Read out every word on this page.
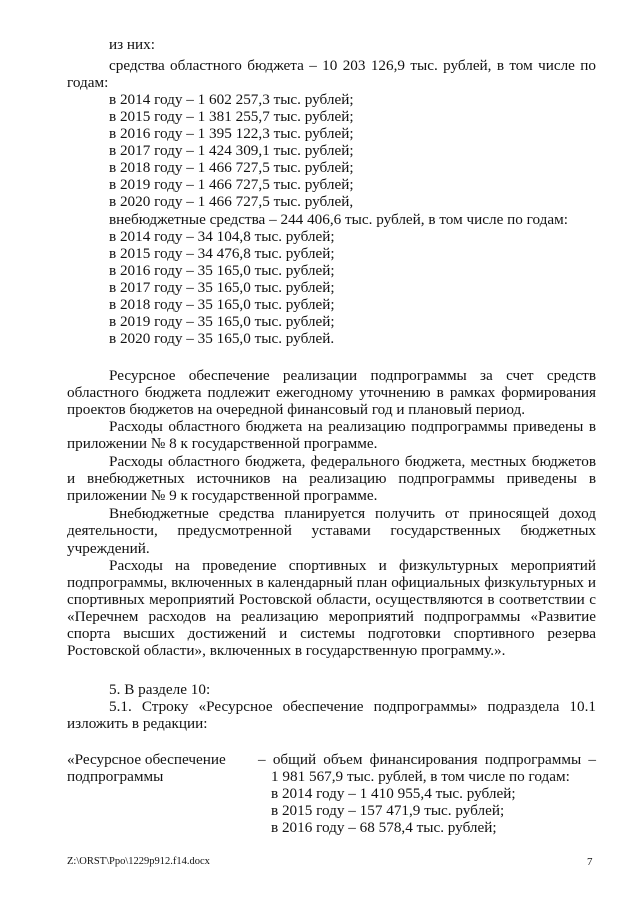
из них:
средства областного бюджета – 10 203 126,9 тыс. рублей, в том числе по
годам:
в 2014 году – 1 602 257,3 тыс. рублей;
в 2015 году – 1 381 255,7 тыс. рублей;
в 2016 году – 1 395 122,3 тыс. рублей;
в 2017 году – 1 424 309,1 тыс. рублей;
в 2018 году – 1 466 727,5 тыс. рублей;
в 2019 году – 1 466 727,5 тыс. рублей;
в 2020 году – 1 466 727,5 тыс. рублей,
внебюджетные средства – 244 406,6 тыс. рублей, в том числе по годам:
в 2014 году – 34 104,8 тыс. рублей;
в 2015 году – 34 476,8 тыс. рублей;
в 2016 году – 35 165,0 тыс. рублей;
в 2017 году – 35 165,0 тыс. рублей;
в 2018 году – 35 165,0 тыс. рублей;
в 2019 году – 35 165,0 тыс. рублей;
в 2020 году – 35 165,0 тыс. рублей.
Ресурсное обеспечение реализации подпрограммы за счет средств
областного бюджета подлежит ежегодному уточнению в рамках формирования
проектов бюджетов на очередной финансовый год и плановый период.
Расходы областного бюджета на реализацию подпрограммы приведены в
приложении № 8 к государственной программе.
Расходы областного бюджета, федерального бюджета, местных бюджетов
и внебюджетных источников на реализацию подпрограммы приведены в
приложении № 9 к государственной программе.
Внебюджетные средства планируется получить от приносящей доход
деятельности, предусмотренной уставами государственных бюджетных
учреждений.
Расходы на проведение спортивных и физкультурных мероприятий
подпрограммы, включенных в календарный план официальных физкультурных и
спортивных мероприятий Ростовской области, осуществляются в соответствии с
«Перечнем расходов на реализацию мероприятий подпрограммы «Развитие
спорта высших достижений и системы подготовки спортивного резерва
Ростовской области», включенных в государственную программу.».
5. В разделе 10:
5.1. Строку «Ресурсное обеспечение подпрограммы» подраздела 10.1
изложить в редакции:
«Ресурсное обеспечение
подпрограммы
– общий объем финансирования подпрограммы –
1 981 567,9 тыс. рублей, в том числе по годам:
в 2014 году – 1 410 955,4 тыс. рублей;
в 2015 году – 157 471,9 тыс. рублей;
в 2016 году – 68 578,4 тыс. рублей;
Z:\ORST\Ppo\1229p912.f14.docx	7
